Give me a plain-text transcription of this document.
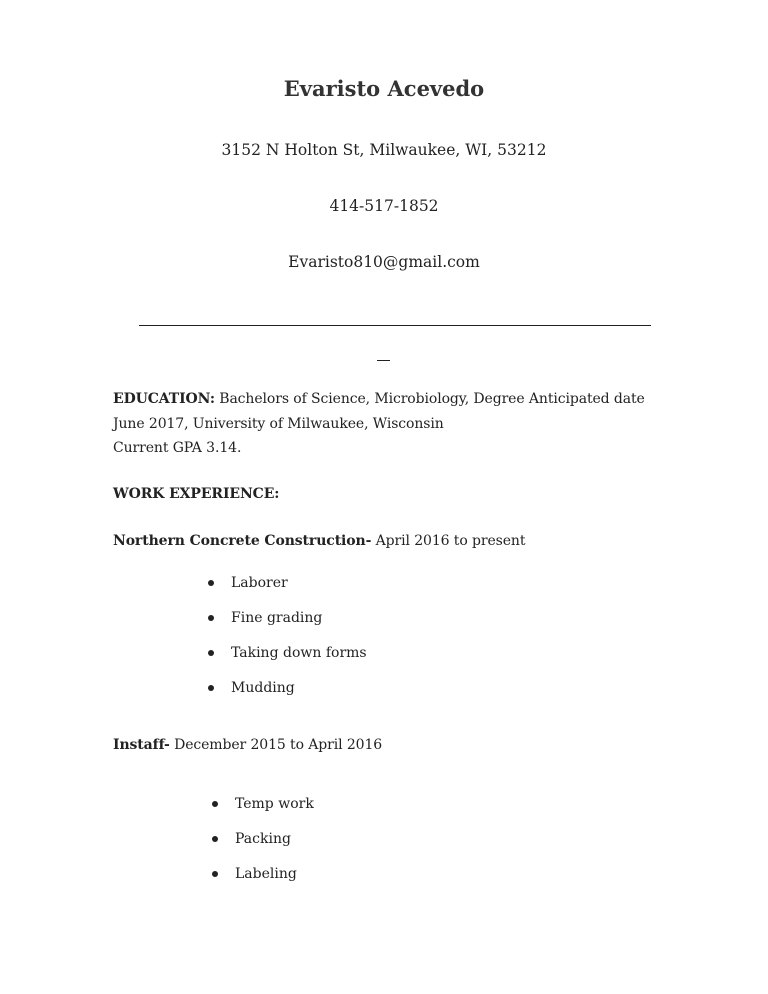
Evaristo Acevedo
3152 N Holton St, Milwaukee, WI, 53212
414-517-1852
Evaristo810@gmail.com
EDUCATION: Bachelors of Science, Microbiology, Degree Anticipated date
June 2017, University of Milwaukee, Wisconsin
Current GPA 3.14.
WORK EXPERIENCE:
Northern Concrete Construction- April 2016 to present
Laborer
Fine grading
Taking down forms
Mudding
Instaff- December 2015 to April 2016
Temp work
Packing
Labeling
